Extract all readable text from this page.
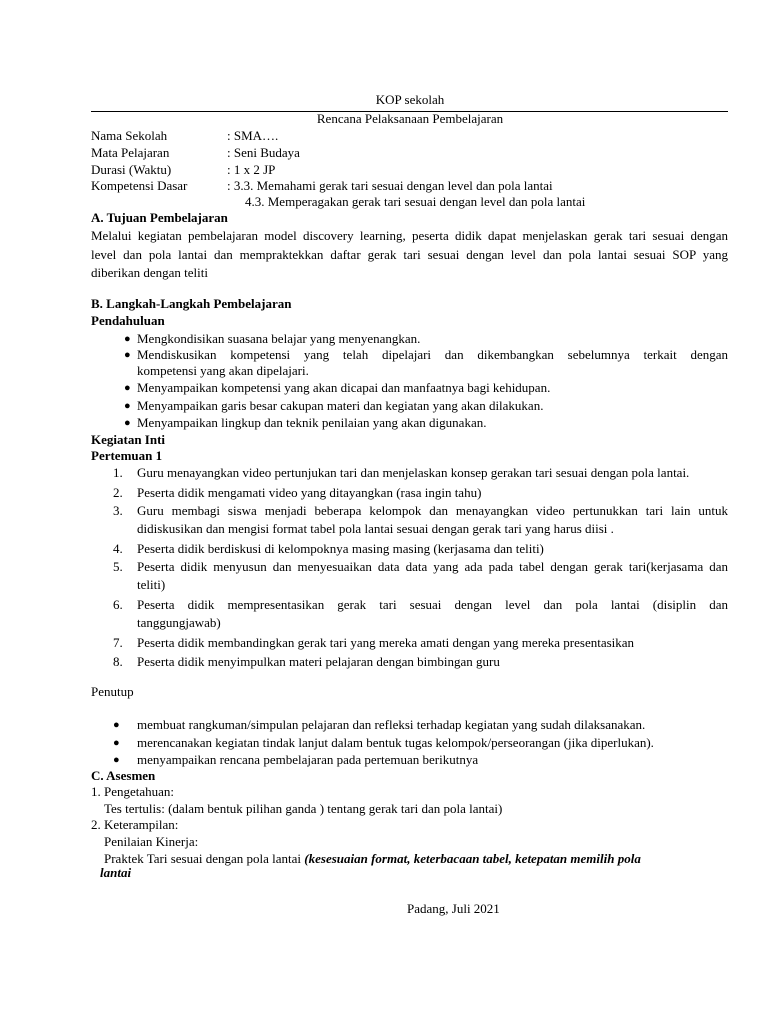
KOP sekolah
Rencana Pelaksanaan Pembelajaran
Nama Sekolah	: SMA….
Mata Pelajaran	: Seni Budaya
Durasi (Waktu)	: 1 x 2 JP
Kompetensi Dasar	: 3.3. Memahami gerak tari sesuai dengan level dan pola lantai
4.3. Memperagakan gerak tari sesuai dengan level dan pola lantai
A. Tujuan Pembelajaran
Melalui kegiatan pembelajaran model discovery learning, peserta didik dapat menjelaskan gerak tari sesuai dengan
level dan pola lantai dan mempraktekkan daftar gerak tari sesuai dengan level dan pola lantai sesuai SOP yang
diberikan dengan teliti
B. Langkah-Langkah Pembelajaran
Pendahuluan
● Mengkondisikan suasana belajar yang menyenangkan.
● Mendiskusikan kompetensi yang telah dipelajari dan dikembangkan sebelumnya terkait dengan
kompetensi yang akan dipelajari.
● Menyampaikan kompetensi yang akan dicapai dan manfaatnya bagi kehidupan.
● Menyampaikan garis besar cakupan materi dan kegiatan yang akan dilakukan.
● Menyampaikan lingkup dan teknik penilaian yang akan digunakan.
Kegiatan Inti
Pertemuan 1
1. Guru menayangkan video pertunjukan tari dan menjelaskan konsep gerakan tari sesuai dengan pola lantai.
2. Peserta didik mengamati video yang ditayangkan (rasa ingin tahu)
3. Guru membagi siswa menjadi beberapa kelompok dan menayangkan video pertunukkan tari lain untuk
didiskusikan dan mengisi format tabel pola lantai sesuai dengan gerak tari yang harus diisi .
4. Peserta didik berdiskusi di kelompoknya masing masing (kerjasama dan teliti)
5. Peserta didik menyusun dan menyesuaikan data data yang ada pada tabel dengan gerak tari(kerjasama dan
teliti)
6. Peserta didik mempresentasikan gerak tari sesuai dengan level dan pola lantai (disiplin dan
tanggungjawab)
7. Peserta didik membandingkan gerak tari yang mereka amati dengan yang mereka presentasikan
8. Peserta didik menyimpulkan materi pelajaran dengan bimbingan guru
Penutup
● membuat rangkuman/simpulan pelajaran dan refleksi terhadap kegiatan yang sudah dilaksanakan.
● merencanakan kegiatan tindak lanjut dalam bentuk tugas kelompok/perseorangan (jika diperlukan).
● menyampaikan rencana pembelajaran pada pertemuan berikutnya
C. Asesmen
1. Pengetahuan:
Tes tertulis: (dalam bentuk pilihan ganda ) tentang gerak tari dan pola lantai)
2. Keterampilan:
Penilaian Kinerja:
Praktek Tari sesuai dengan pola lantai (kesesuaian format, keterbacaan tabel, ketepatan memilih pola
lantai
Padang, Juli 2021
